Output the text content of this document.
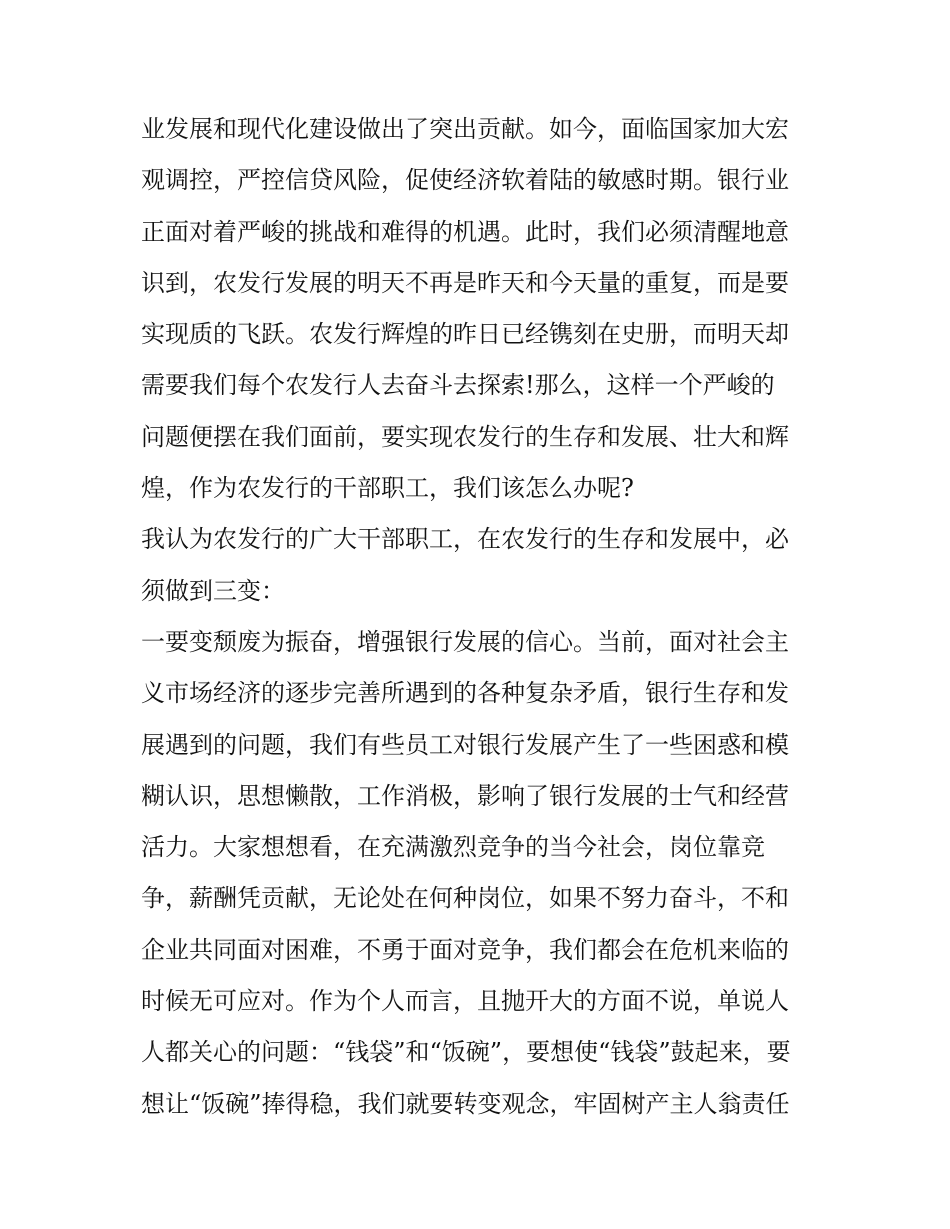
业发展和现代化建设做出了突出贡献。如今，面临国家加大宏
观调控，严控信贷风险，促使经济软着陆的敏感时期。银行业
正面对着严峻的挑战和难得的机遇。此时，我们必须清醒地意
识到，农发行发展的明天不再是昨天和今天量的重复，而是要
实现质的飞跃。农发行辉煌的昨日已经镌刻在史册，而明天却
需要我们每个农发行人去奋斗去探索!那么，这样一个严峻的
问题便摆在我们面前，要实现农发行的生存和发展、壮大和辉
煌，作为农发行的干部职工，我们该怎么办呢?
我认为农发行的广大干部职工，在农发行的生存和发展中，必
须做到三变：
一要变颓废为振奋，增强银行发展的信心。当前，面对社会主
义市场经济的逐步完善所遇到的各种复杂矛盾，银行生存和发
展遇到的问题，我们有些员工对银行发展产生了一些困惑和模
糊认识，思想懒散，工作消极，影响了银行发展的士气和经营
活力。大家想想看，在充满激烈竞争的当今社会，岗位靠竞
争，薪酬凭贡献，无论处在何种岗位，如果不努力奋斗，不和
企业共同面对困难，不勇于面对竞争，我们都会在危机来临的
时候无可应对。作为个人而言，且抛开大的方面不说，单说人
人都关心的问题：“钱袋”和“饭碗”，要想使“钱袋”鼓起来，要
想让“饭碗”捧得稳，我们就要转变观念，牢固树产主人翁责任
